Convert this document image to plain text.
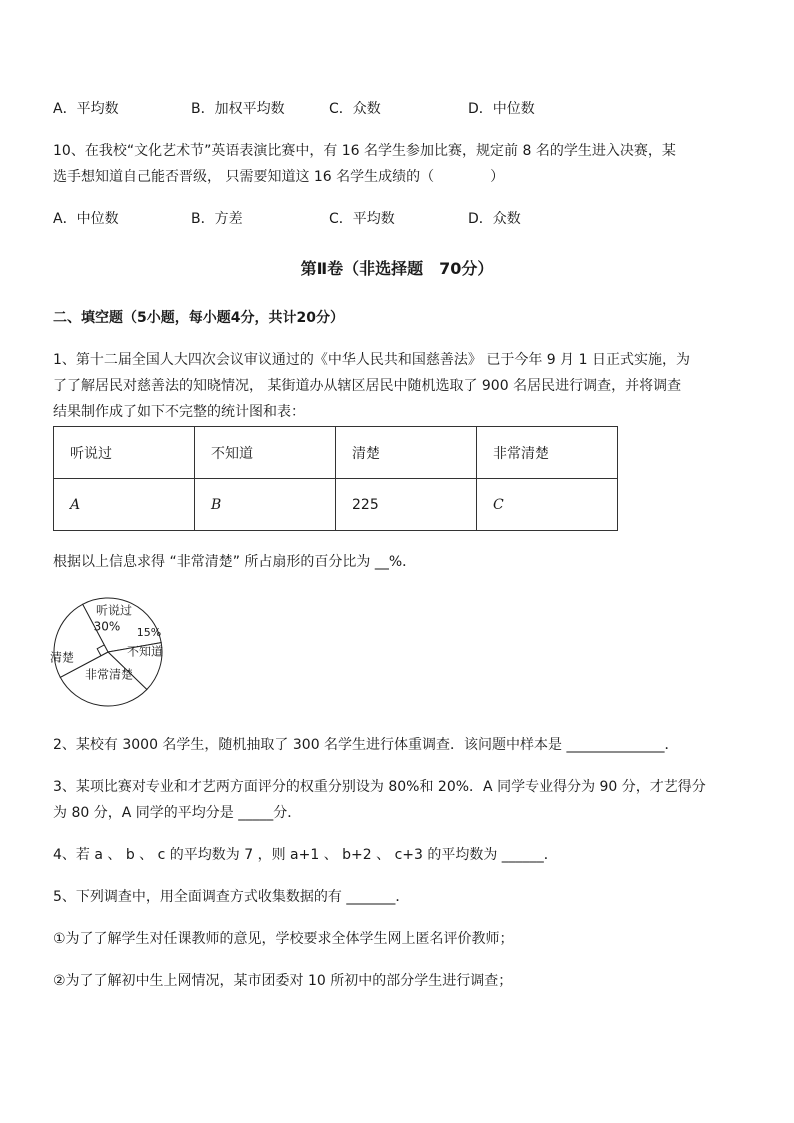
A．平均数	B．加权平均数	C．众数	D．中位数
10、在我校“文化艺术节”英语表演比赛中，有 16 名学生参加比赛，规定前 8 名的学生进入决赛，某
选手想知道自己能否晋级， 只需要知道这 16 名学生成绩的（　　　　）
A．中位数	B．方差	C．平均数	D．众数
第Ⅱ卷（非选择题　70分）
二、填空题（5小题，每小题4分，共计20分）
1、第十二届全国人大四次会议审议通过的《中华人民共和国慈善法》 已于今年 9 月 1 日正式实施，为
了了解居民对慈善法的知晓情况， 某街道办从辖区居民中随机选取了 900 名居民进行调查，并将调查
结果制作成了如下不完整的统计图和表：
听说过	不知道	清楚	非常清楚
A	B	225	C
根据以上信息求得 “非常清楚” 所占扇形的百分比为 __%．
听说过
30%
不知道
15%
非常清楚
清楚
2、某校有 3000 名学生，随机抽取了 300 名学生进行体重调查．该问题中样本是 ______________．
3、某项比赛对专业和才艺两方面评分的权重分别设为 80%和 20%．A 同学专业得分为 90 分，才艺得分
为 80 分，A 同学的平均分是 _____分．
4、若 a 、 b 、 c 的平均数为 7 ，则 a+1 、 b+2 、 c+3 的平均数为 ______．
5、下列调查中，用全面调查方式收集数据的有 _______．
①为了了解学生对任课教师的意见，学校要求全体学生网上匿名评价教师；
②为了了解初中生上网情况，某市团委对 10 所初中的部分学生进行调查；
